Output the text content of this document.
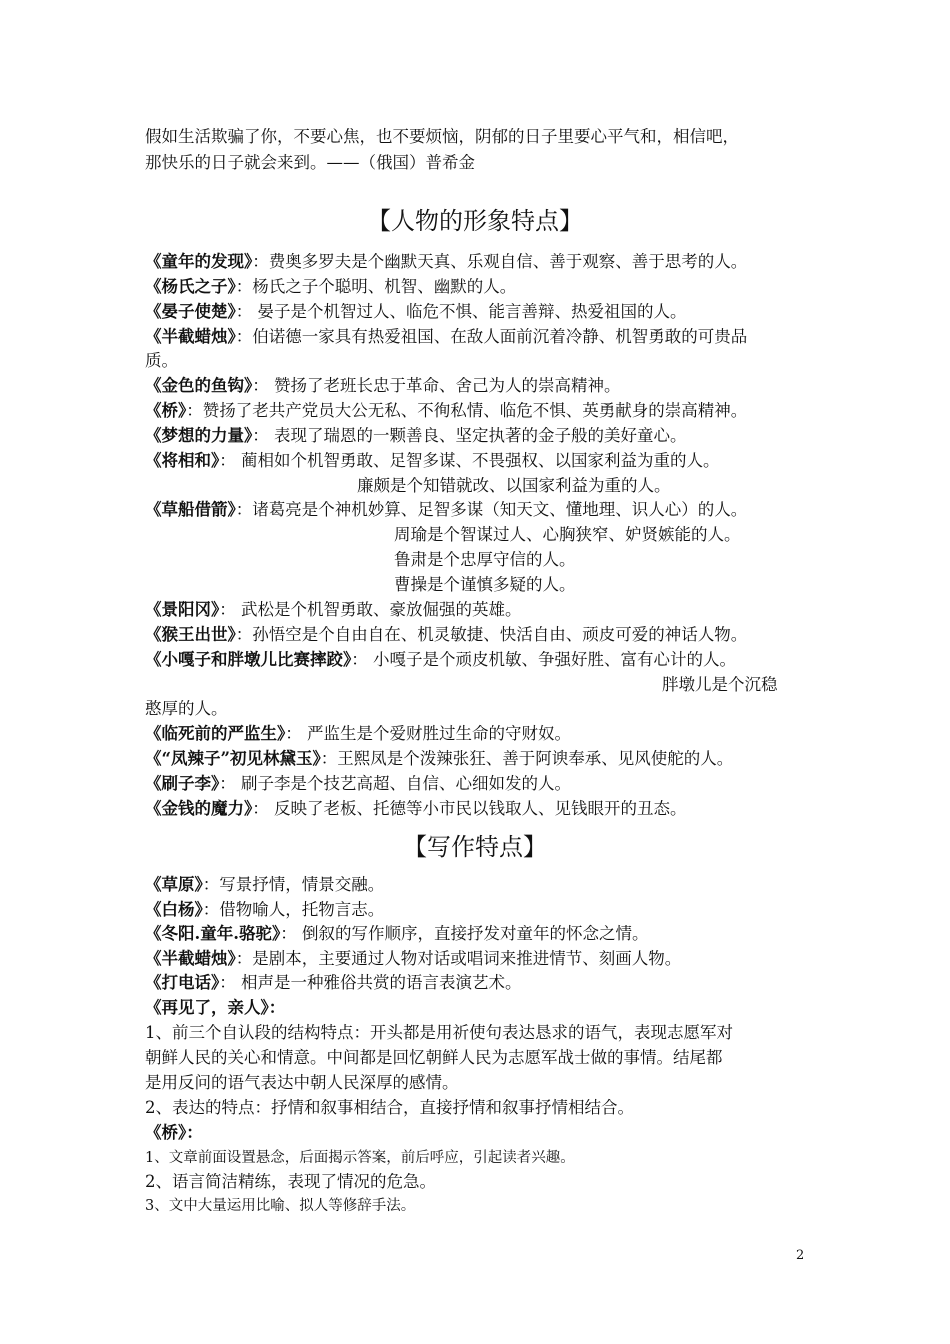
假如生活欺骗了你，不要心焦，也不要烦恼，阴郁的日子里要心平气和，相信吧，
那快乐的日子就会来到。——（俄国）普希金
【人物的形象特点】
《童年的发现》：费奥多罗夫是个幽默天真、乐观自信、善于观察、善于思考的人。
《杨氏之子》：杨氏之子个聪明、机智、幽默的人。
《晏子使楚》： 晏子是个机智过人、临危不惧、能言善辩、热爱祖国的人。
《半截蜡烛》：伯诺德一家具有热爱祖国、在敌人面前沉着冷静、机智勇敢的可贵品
质。
《金色的鱼钩》： 赞扬了老班长忠于革命、舍己为人的崇高精神。
《桥》：赞扬了老共产党员大公无私、不徇私情、临危不惧、英勇献身的崇高精神。
《梦想的力量》： 表现了瑞恩的一颗善良、坚定执著的金子般的美好童心。
《将相和》： 蔺相如个机智勇敢、足智多谋、不畏强权、以国家利益为重的人。
廉颇是个知错就改、以国家利益为重的人。
《草船借箭》：诸葛亮是个神机妙算、足智多谋（知天文、懂地理、识人心）的人。
周瑜是个智谋过人、心胸狭窄、妒贤嫉能的人。
鲁肃是个忠厚守信的人。
曹操是个谨慎多疑的人。
《景阳冈》： 武松是个机智勇敢、豪放倔强的英雄。
《猴王出世》：孙悟空是个自由自在、机灵敏捷、快活自由、顽皮可爱的神话人物。
《小嘎子和胖墩儿比赛摔跤》： 小嘎子是个顽皮机敏、争强好胜、富有心计的人。
胖墩儿是个沉稳
憨厚的人。
《临死前的严监生》： 严监生是个爱财胜过生命的守财奴。
《“凤辣子”初见林黛玉》：王熙凤是个泼辣张狂、善于阿谀奉承、见风使舵的人。
《刷子李》： 刷子李是个技艺高超、自信、心细如发的人。
《金钱的魔力》： 反映了老板、托德等小市民以钱取人、见钱眼开的丑态。
【写作特点】
《草原》：写景抒情，情景交融。
《白杨》：借物喻人，托物言志。
《冬阳.童年.骆驼》： 倒叙的写作顺序，直接抒发对童年的怀念之情。
《半截蜡烛》：是剧本，主要通过人物对话或唱词来推进情节、刻画人物。
《打电话》： 相声是一种雅俗共赏的语言表演艺术。
《再见了，亲人》：
1、前三个自认段的结构特点：开头都是用祈使句表达恳求的语气，表现志愿军对
朝鲜人民的关心和情意。中间都是回忆朝鲜人民为志愿军战士做的事情。结尾都
是用反问的语气表达中朝人民深厚的感情。
2、表达的特点：抒情和叙事相结合，直接抒情和叙事抒情相结合。
《桥》：
1、文章前面设置悬念，后面揭示答案，前后呼应，引起读者兴趣。
2、语言简洁精练，表现了情况的危急。
3、文中大量运用比喻、拟人等修辞手法。
2
